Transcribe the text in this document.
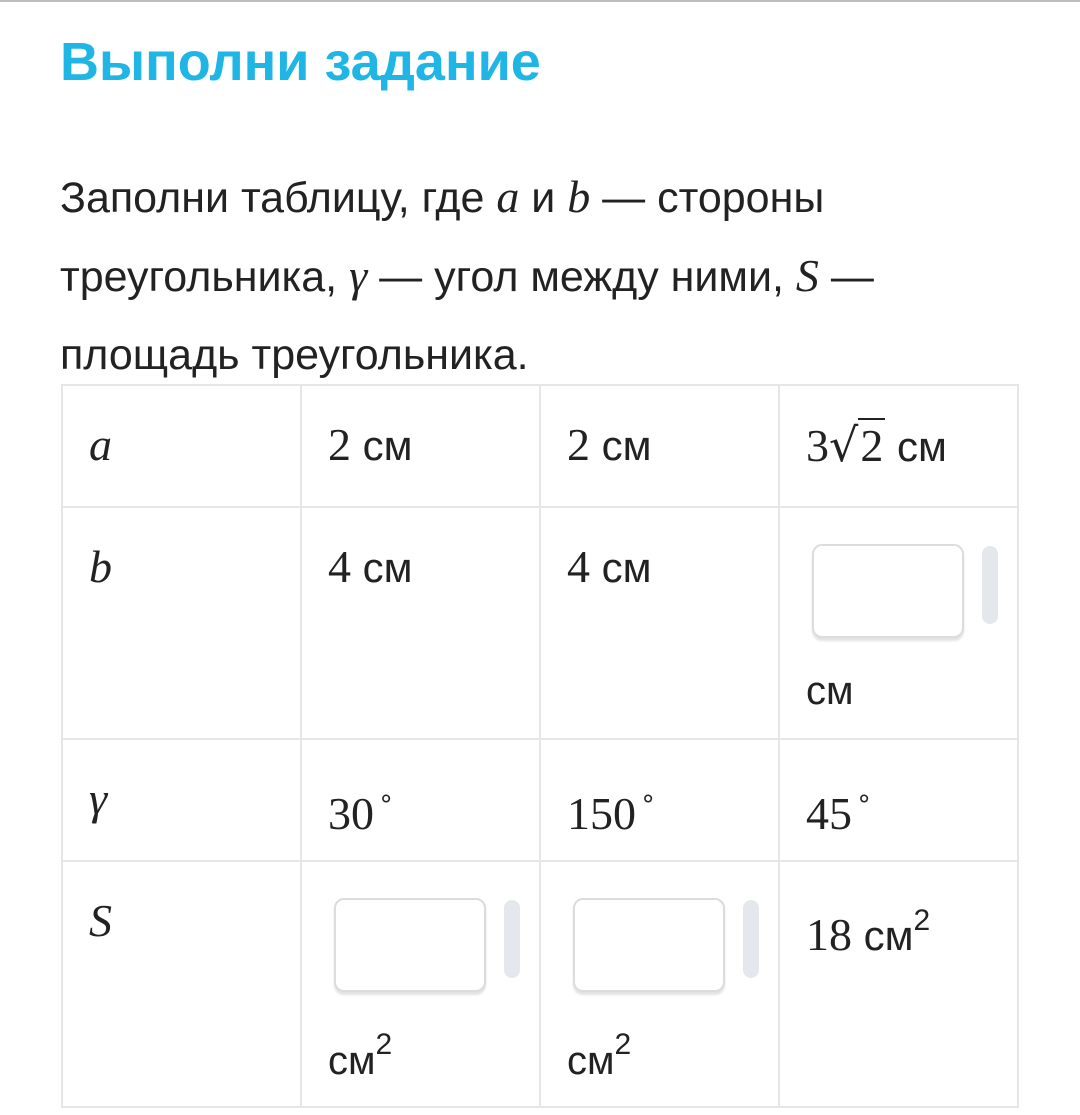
Выполни задание
Заполни таблицу, где a и b — стороны треугольника, γ — угол между ними, S — площадь треугольника.
a	2 см	2 см	3√2 см

b	4 см	4 см	см

γ	30 ∘	150 ∘	45 ∘

S	$см^2$	$см^2$	18 см2
